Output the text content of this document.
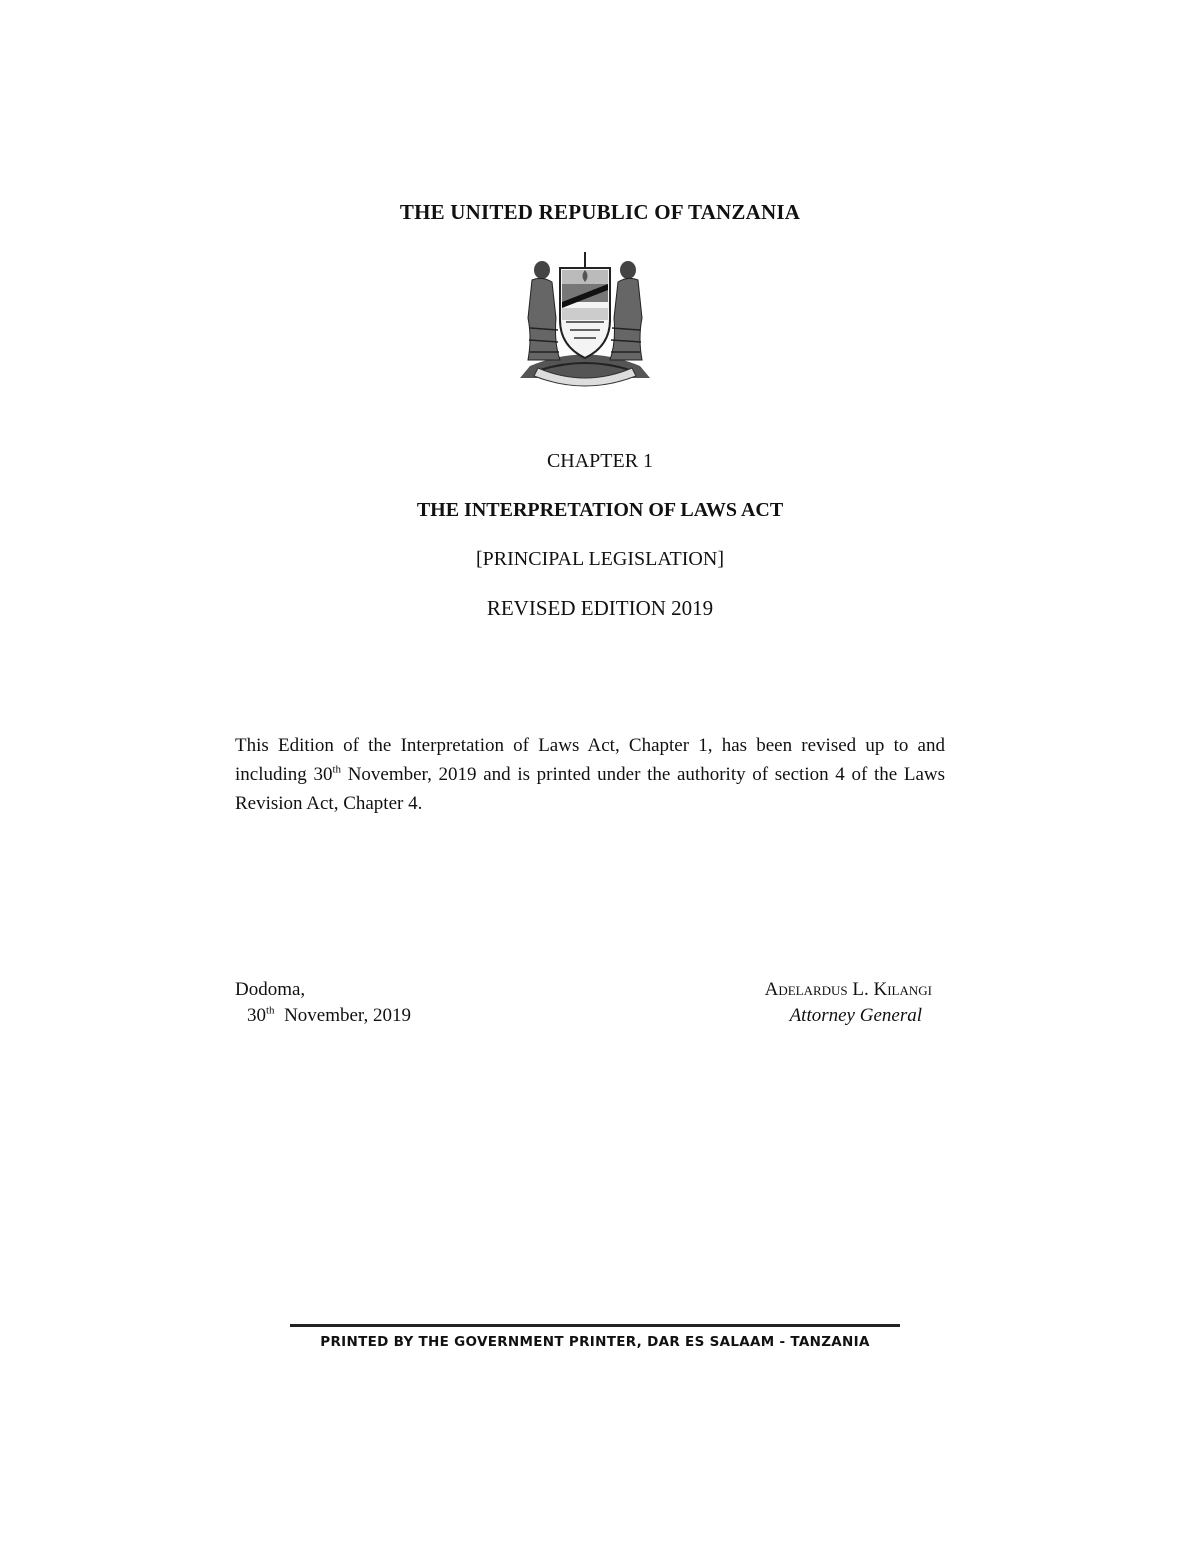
THE UNITED REPUBLIC OF TANZANIA
CHAPTER 1
THE INTERPRETATION OF LAWS ACT
[PRINCIPAL LEGISLATION]
REVISED EDITION 2019

This Edition of the Interpretation of Laws Act, Chapter 1, has been revised up to and including 30th November, 2019 and is printed under the authority of section 4 of the Laws Revision Act, Chapter 4.

Dodoma,
30th  November, 2019
Adelardus L. Kilangi
Attorney General
PRINTED BY THE GOVERNMENT PRINTER, DAR ES SALAAM - TANZANIA
